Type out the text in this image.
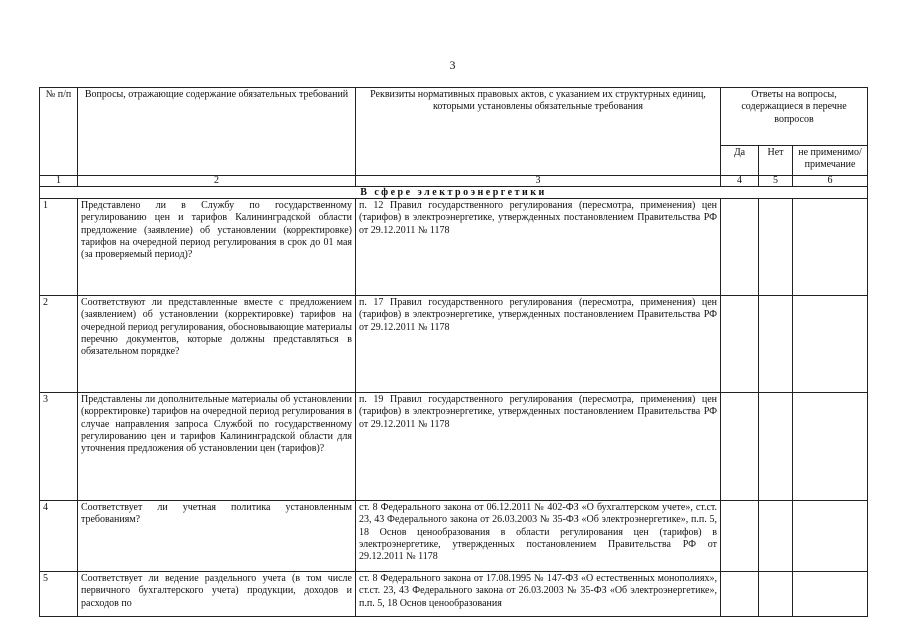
3
№ п/п	Вопросы, отражающие содержание обязательных требований	Реквизиты нормативных правовых актов, с указанием их структурных единиц, которыми установлены обязательные требования	Ответы на вопросы, содержащиеся в перечне вопросов		
			Да	Нет	не применимо/ примечание
1	2	3	4	5	6
В сфере электроэнергетики					
1	Представлено ли в Службу по государственному регулированию цен и тарифов Калининградской области предложение (заявление) об установлении (корректировке) тарифов на очередной период регулирования в срок до 01 мая (за проверяемый период)?	п. 12 Правил государственного регулирования (пересмотра, применения) цен (тарифов) в электроэнергетике, утвержденных постановлением Правительства РФ от 29.12.2011 № 1178			
2	Соответствуют ли представленные вместе с предложением (заявлением) об установлении (корректировке) тарифов на очередной период регулирования, обосновывающие материалы перечню документов, которые должны представляться в обязательном порядке?	п. 17 Правил государственного регулирования (пересмотра, применения) цен (тарифов) в электроэнергетике, утвержденных постановлением Правительства РФ от 29.12.2011 № 1178			
3	Представлены ли дополнительные материалы об установлении (корректировке) тарифов на очередной период регулирования в случае направления запроса Службой по государственному регулированию цен и тарифов Калининградской области для уточнения предложения об установлении цен (тарифов)?	п. 19 Правил государственного регулирования (пересмотра, применения) цен (тарифов) в электроэнергетике, утвержденных постановлением Правительства РФ от 29.12.2011 № 1178			
4	Соответствует ли учетная политика установленным требованиям?	ст. 8 Федерального закона от 06.12.2011 № 402-ФЗ «О бухгалтерском учете», ст.ст. 23, 43 Федерального закона от 26.03.2003 № 35-ФЗ «Об электроэнергетике», п.п. 5, 18 Основ ценообразования в области регулирования цен (тарифов) в электроэнергетике, утвержденных постановлением Правительства РФ от 29.12.2011 № 1178			
5	Соответствует ли ведение раздельного учета (в том числе первичного бухгалтерского учета) продукции, доходов и расходов по	ст. 8 Федерального закона от 17.08.1995 № 147-ФЗ «О естественных монополиях», ст.ст. 23, 43 Федерального закона от 26.03.2003 № 35-ФЗ «Об электроэнергетике», п.п. 5, 18 Основ ценообразования			
